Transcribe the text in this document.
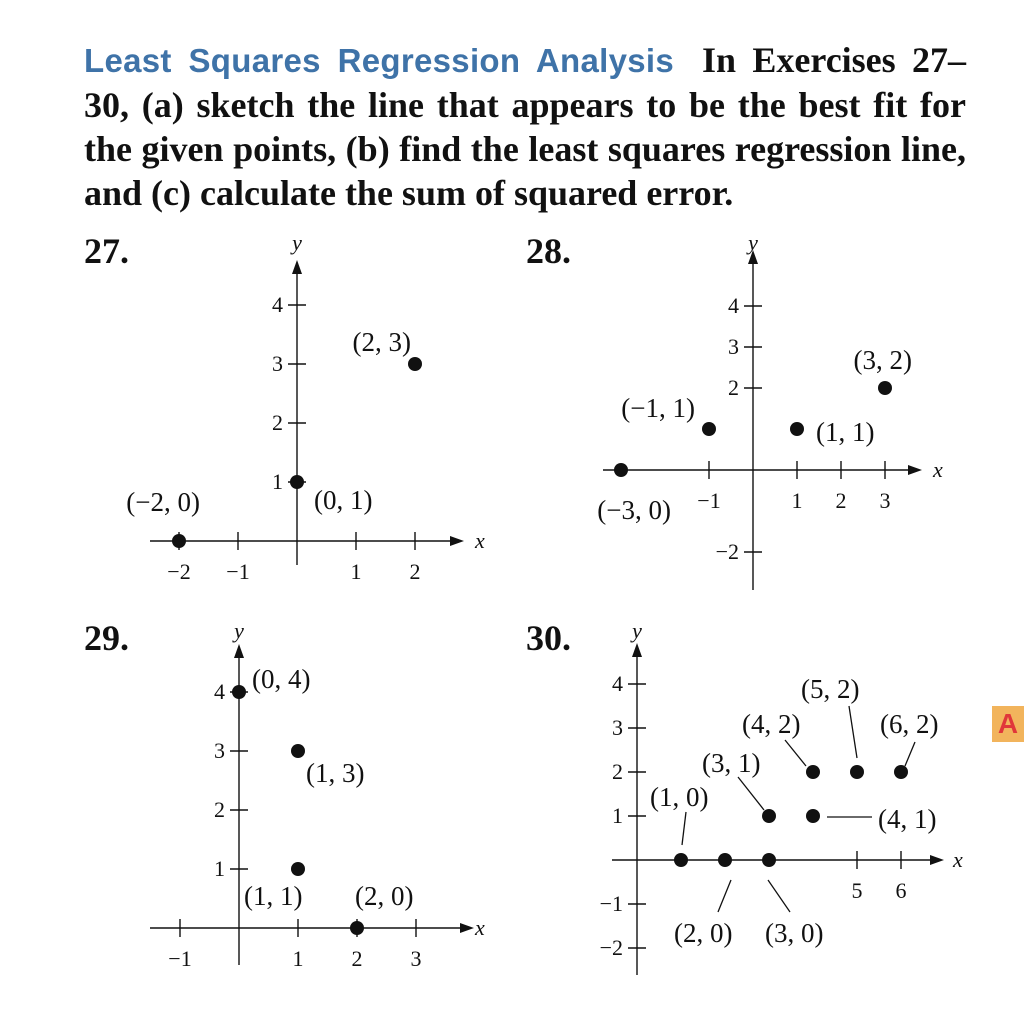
Least Squares Regression Analysis In Exercises 27–30, (a) sketch the line that appears to be the best fit for the given points, (b) find the least squares regression line, and (c) calculate the sum of squared error.
27.	28.
29.	30.
x
y
−2 −1	1 2
1
2
3
4
(−2, 0)	(0, 1)
(2, 3)
x
y
−1	1 2 3
−2
2
3
4
(−3, 0)
(−1, 1)
(1, 1)
(3, 2)
x
y
−1	1 2 3
1
2
3
4 (0, 4)
(1, 3)
(1, 1) (2, 0)
x
y
5 6
−2
−1
1
2
3
4
(1, 0)
(2, 0) (3, 0)
(3, 1)
(4, 1)
(4, 2)
(5, 2)
(6, 2) A
